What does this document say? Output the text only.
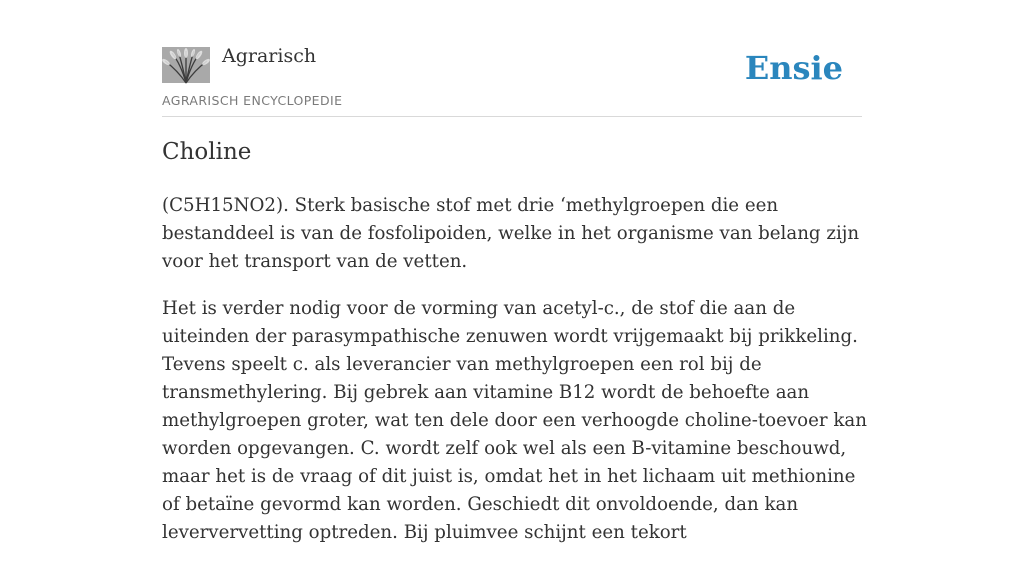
Agrarisch
AGRARISCH ENCYCLOPEDIE
Ensie
Choline

(C5H15NO2). Sterk basische stof met drie ‘methylgroepen die een bestanddeel is van de fosfolipoiden, welke in het organisme van belang zijn voor het transport van de vetten.

Het is verder nodig voor de vorming van acetyl-c., de stof die aan de uiteinden der parasympathische zenuwen wordt vrijgemaakt bij prikkeling. Tevens speelt c. als leverancier van methylgroepen een rol bij de transmethylering. Bij gebrek aan vitamine B12 wordt de behoefte aan methylgroepen groter, wat ten dele door een verhoogde choline-toevoer kan worden opgevangen. C. wordt zelf ook wel als een B-vitamine beschouwd, maar het is de vraag of dit juist is, omdat het in het lichaam uit methionine of betaïne gevormd kan worden. Geschiedt dit onvoldoende, dan kan leververvetting optreden. Bij pluimvee schijnt een tekort
